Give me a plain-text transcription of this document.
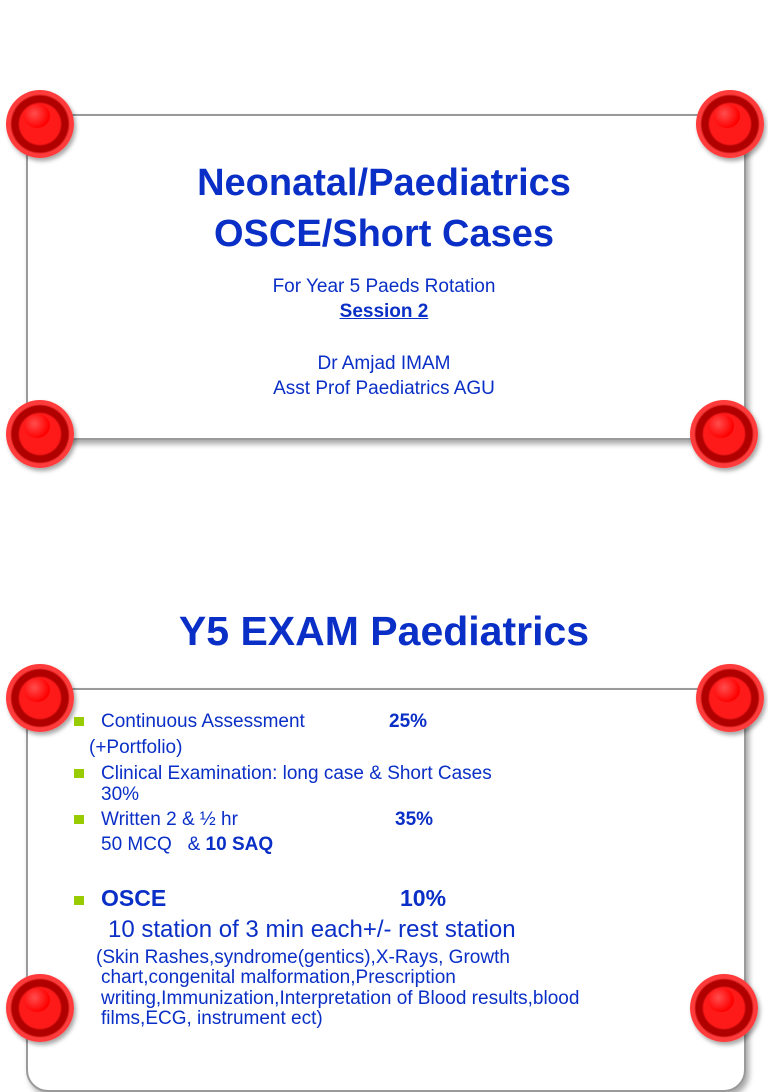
Neonatal/Paediatrics
OSCE/Short Cases
For Year 5 Paeds Rotation
Session 2
Dr Amjad IMAM
Asst Prof Paediatrics AGU
Y5 EXAM Paediatrics
Continuous Assessment	25%
(+Portfolio)
Clinical Examination: long case & Short Cases
30%
Written 2 & ½ hr	35%
50 MCQ   & 10 SAQ
OSCE	10%
10 station of 3 min each+/- rest station
(Skin Rashes,syndrome(gentics),X-Rays, Growth
chart,congenital malformation,Prescription
writing,Immunization,Interpretation of Blood results,blood
films,ECG, instrument ect)
